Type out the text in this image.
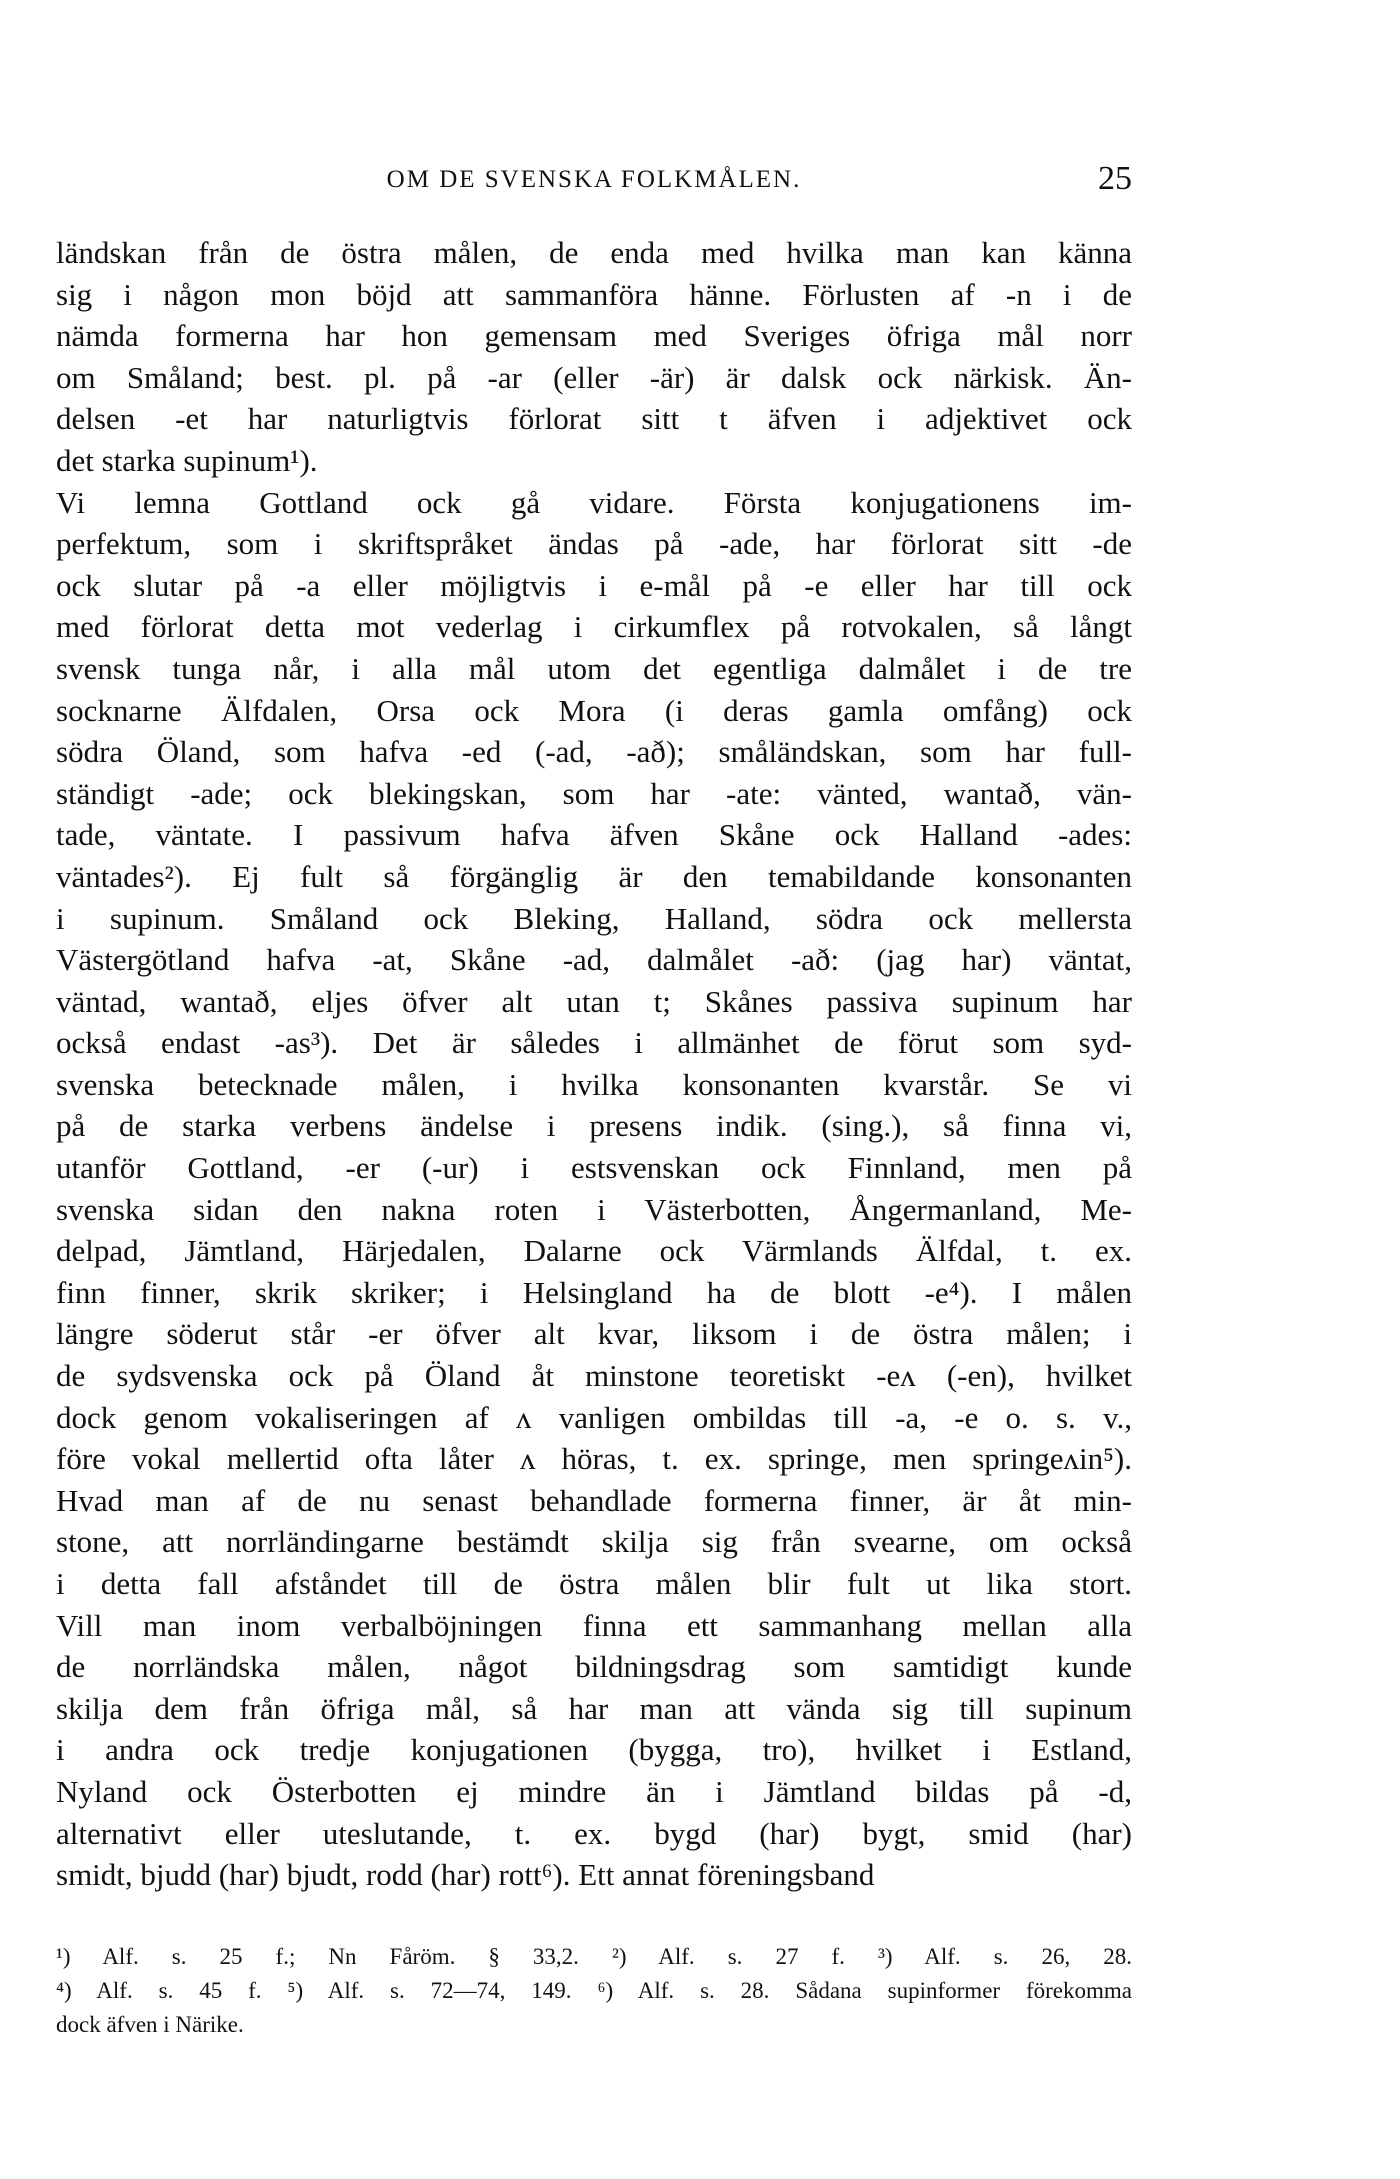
OM DE SVENSKA FOLKMÅLEN.	25
ländskan från de östra målen, de enda med hvilka man kan känna
sig i någon mon böjd att sammanföra hänne. Förlusten af -n i de
nämda formerna har hon gemensam med Sveriges öfriga mål norr
om Småland; best. pl. på -ar (eller -är) är dalsk ock närkisk. Än-
delsen -et har naturligtvis förlorat sitt t äfven i adjektivet ock
det starka supinum¹).
Vi lemna Gottland ock gå vidare. Första konjugationens im-
perfektum, som i skriftspråket ändas på -ade, har förlorat sitt -de
ock slutar på -a eller möjligtvis i e-mål på -e eller har till ock
med förlorat detta mot vederlag i cirkumflex på rotvokalen, så långt
svensk tunga når, i alla mål utom det egentliga dalmålet i de tre
socknarne Älfdalen, Orsa ock Mora (i deras gamla omfång) ock
södra Öland, som hafva -ed (-ad, -að); småländskan, som har full-
ständigt -ade; ock blekingskan, som har -ate: vänted, wantað, vän-
tade, väntate. I passivum hafva äfven Skåne ock Halland -ades:
väntades²). Ej fult så förgänglig är den temabildande konsonanten
i supinum. Småland ock Bleking, Halland, södra ock mellersta
Västergötland hafva -at, Skåne -ad, dalmålet -að: (jag har) väntat,
väntad, wantað, eljes öfver alt utan t; Skånes passiva supinum har
också endast -as³). Det är således i allmänhet de förut som syd-
svenska betecknade målen, i hvilka konsonanten kvarstår. Se vi
på de starka verbens ändelse i presens indik. (sing.), så finna vi,
utanför Gottland, -er (-ur) i estsvenskan ock Finnland, men på
svenska sidan den nakna roten i Västerbotten, Ångermanland, Me-
delpad, Jämtland, Härjedalen, Dalarne ock Värmlands Älfdal, t. ex.
finn finner, skrik skriker; i Helsingland ha de blott -e⁴). I målen
längre söderut står -er öfver alt kvar, liksom i de östra målen; i
de sydsvenska ock på Öland åt minstone teoretiskt -eʌ (-en), hvilket
dock genom vokaliseringen af ʌ vanligen ombildas till -a, -e o. s. v.,
före vokal mellertid ofta låter ʌ höras, t. ex. springe, men springeʌin⁵).
Hvad man af de nu senast behandlade formerna finner, är åt min-
stone, att norrländingarne bestämdt skilja sig från svearne, om också
i detta fall afståndet till de östra målen blir fult ut lika stort.
Vill man inom verbalböjningen finna ett sammanhang mellan alla
de norrländska målen, något bildningsdrag som samtidigt kunde
skilja dem från öfriga mål, så har man att vända sig till supinum
i andra ock tredje konjugationen (bygga, tro), hvilket i Estland,
Nyland ock Österbotten ej mindre än i Jämtland bildas på -d,
alternativt eller uteslutande, t. ex. bygd (har) bygt, smid (har)
smidt, bjudd (har) bjudt, rodd (har) rott⁶). Ett annat föreningsband
¹) Alf. s. 25 f.; Nn Fåröm. § 33,2. ²) Alf. s. 27 f. ³) Alf. s. 26, 28.
⁴) Alf. s. 45 f. ⁵) Alf. s. 72—74, 149. ⁶) Alf. s. 28. Sådana supinformer förekomma
dock äfven i Närike.
